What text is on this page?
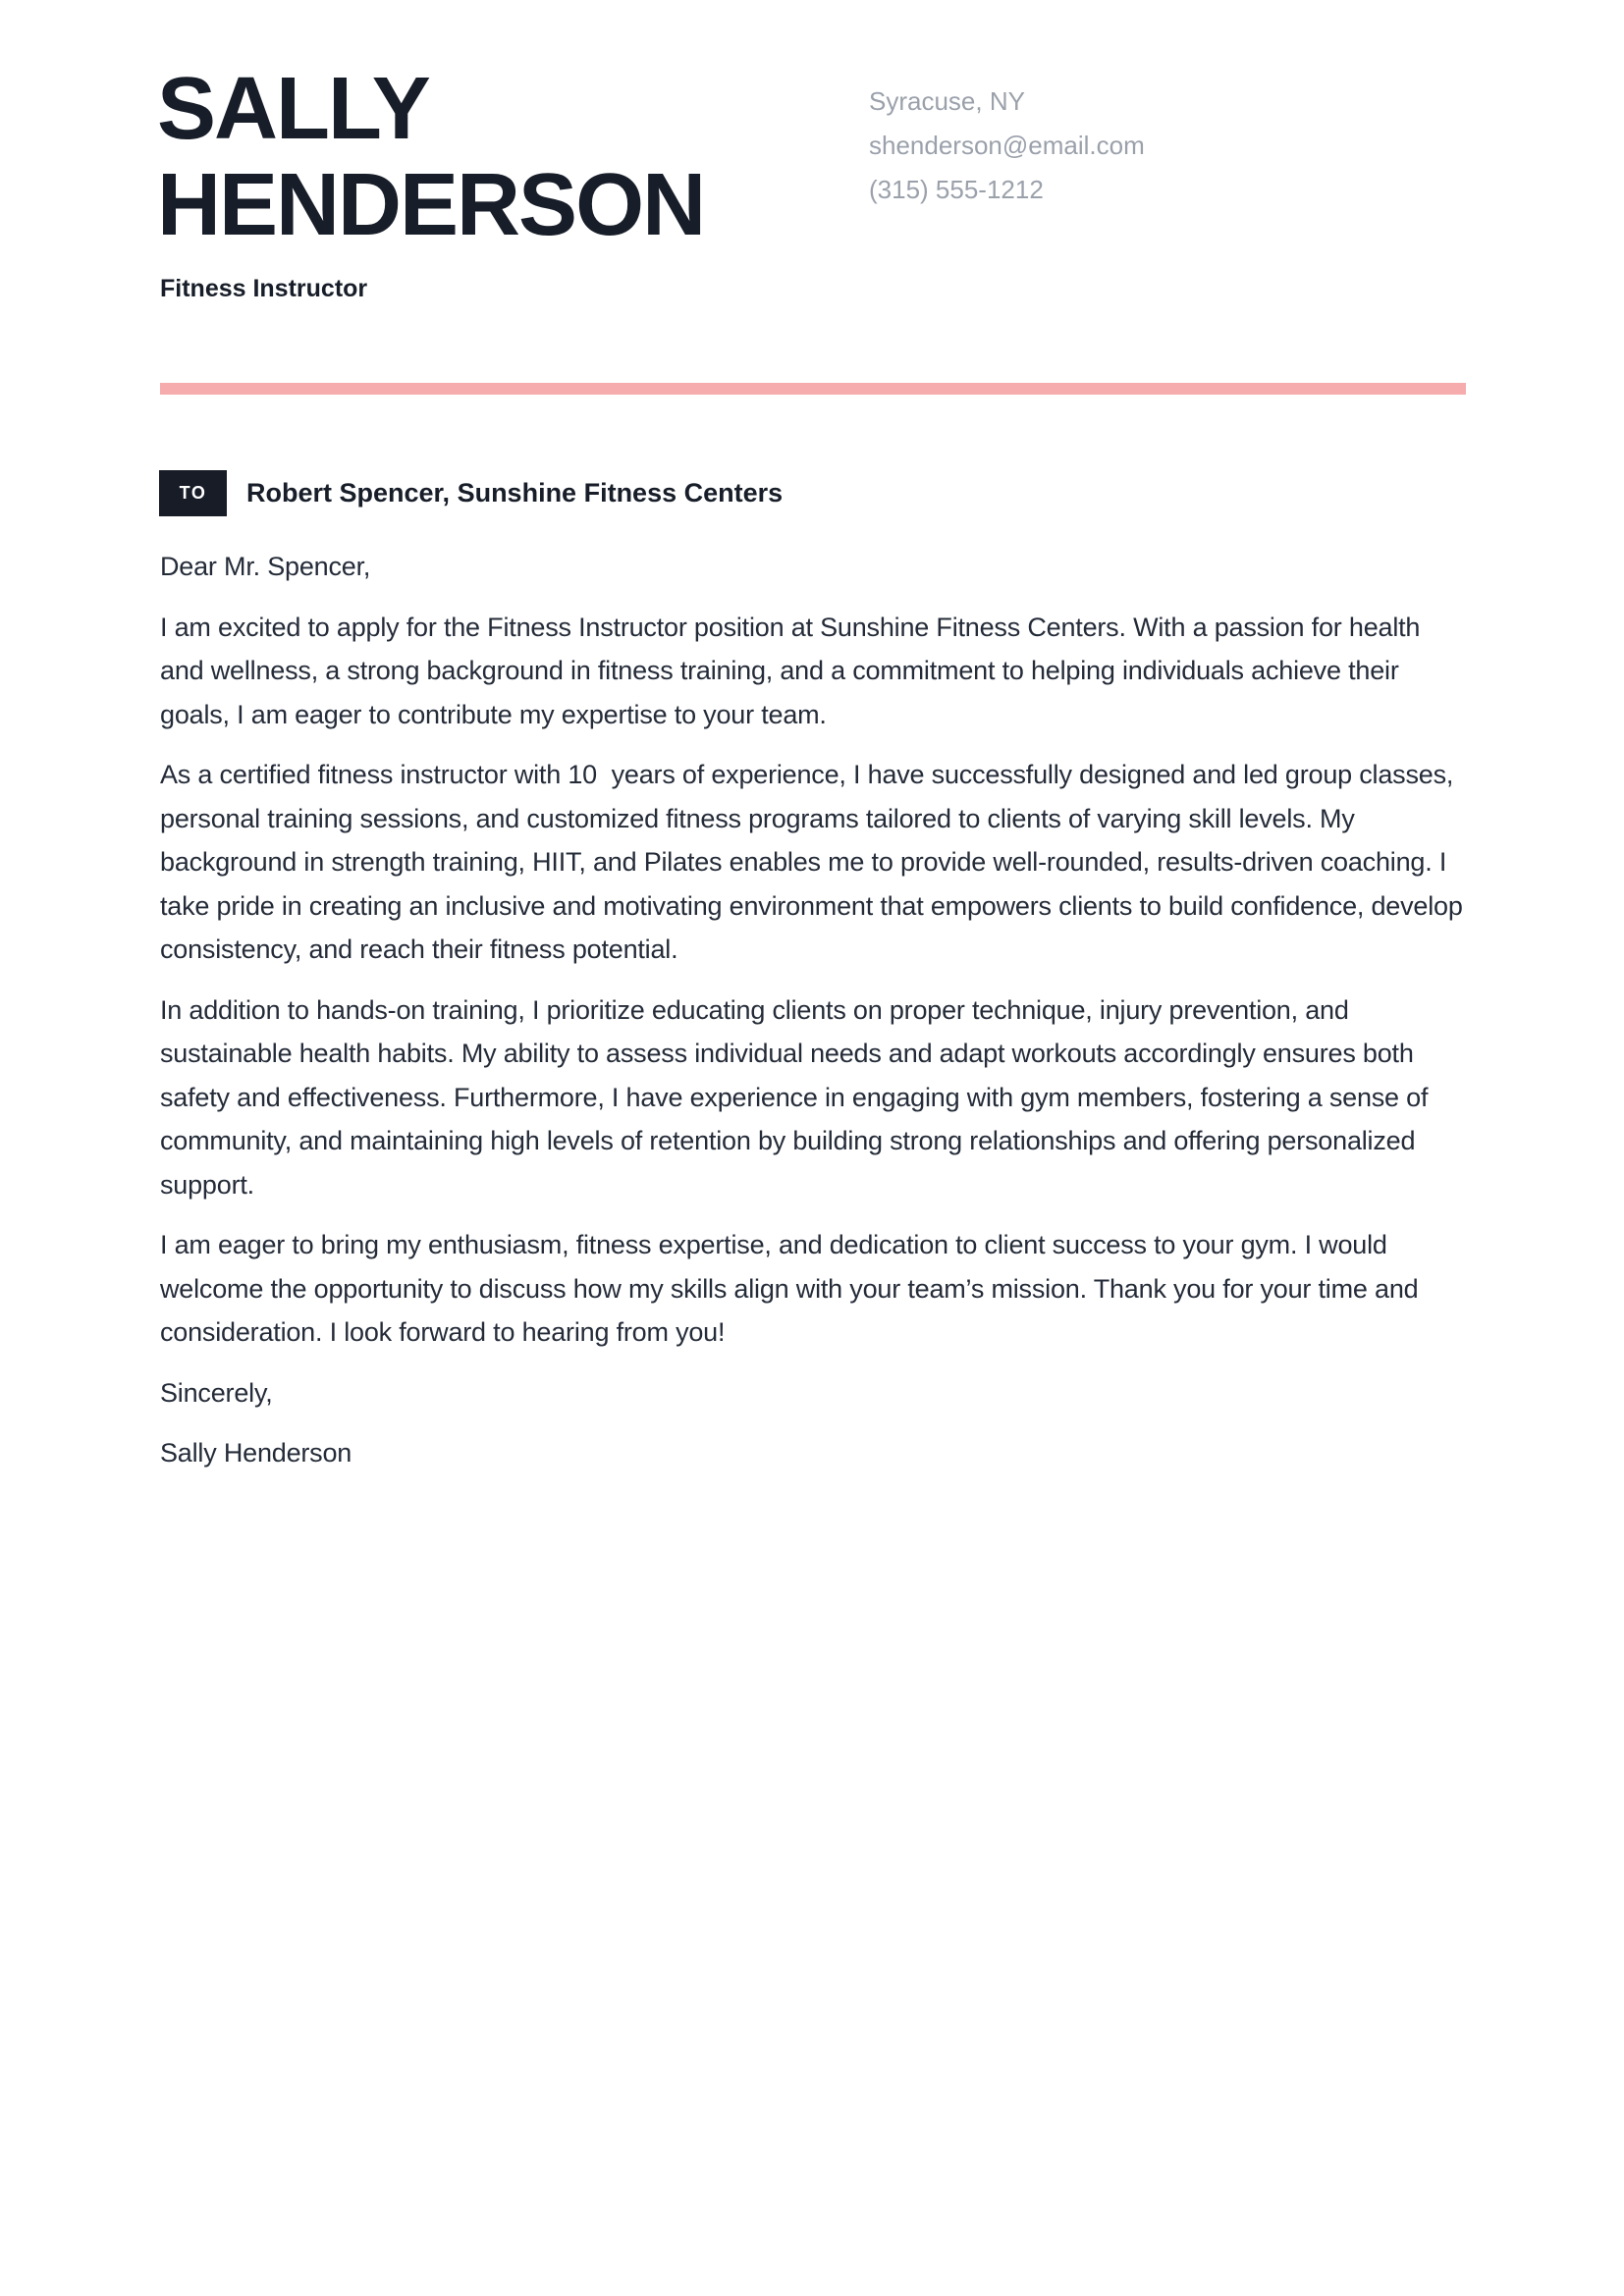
SALLY
HENDERSON
Syracuse, NY
shenderson@email.com
(315) 555-1212
Fitness Instructor
TO	Robert Spencer, Sunshine Fitness Centers

Dear Mr. Spencer,

I am excited to apply for the Fitness Instructor position at Sunshine Fitness Centers. With a passion for health and wellness, a strong background in fitness training, and a commitment to helping individuals achieve their goals, I am eager to contribute my expertise to your team.

As a certified fitness instructor with 10  years of experience, I have successfully designed and led group classes, personal training sessions, and customized fitness programs tailored to clients of varying skill levels. My background in strength training, HIIT, and Pilates enables me to provide well-rounded, results-driven coaching. I take pride in creating an inclusive and motivating environment that empowers clients to build confidence, develop consistency, and reach their fitness potential.

In addition to hands-on training, I prioritize educating clients on proper technique, injury prevention, and sustainable health habits. My ability to assess individual needs and adapt workouts accordingly ensures both safety and effectiveness. Furthermore, I have experience in engaging with gym members, fostering a sense of community, and maintaining high levels of retention by building strong relationships and offering personalized support.

I am eager to bring my enthusiasm, fitness expertise, and dedication to client success to your gym. I would welcome the opportunity to discuss how my skills align with your team’s mission. Thank you for your time and consideration. I look forward to hearing from you!

Sincerely,

Sally Henderson
